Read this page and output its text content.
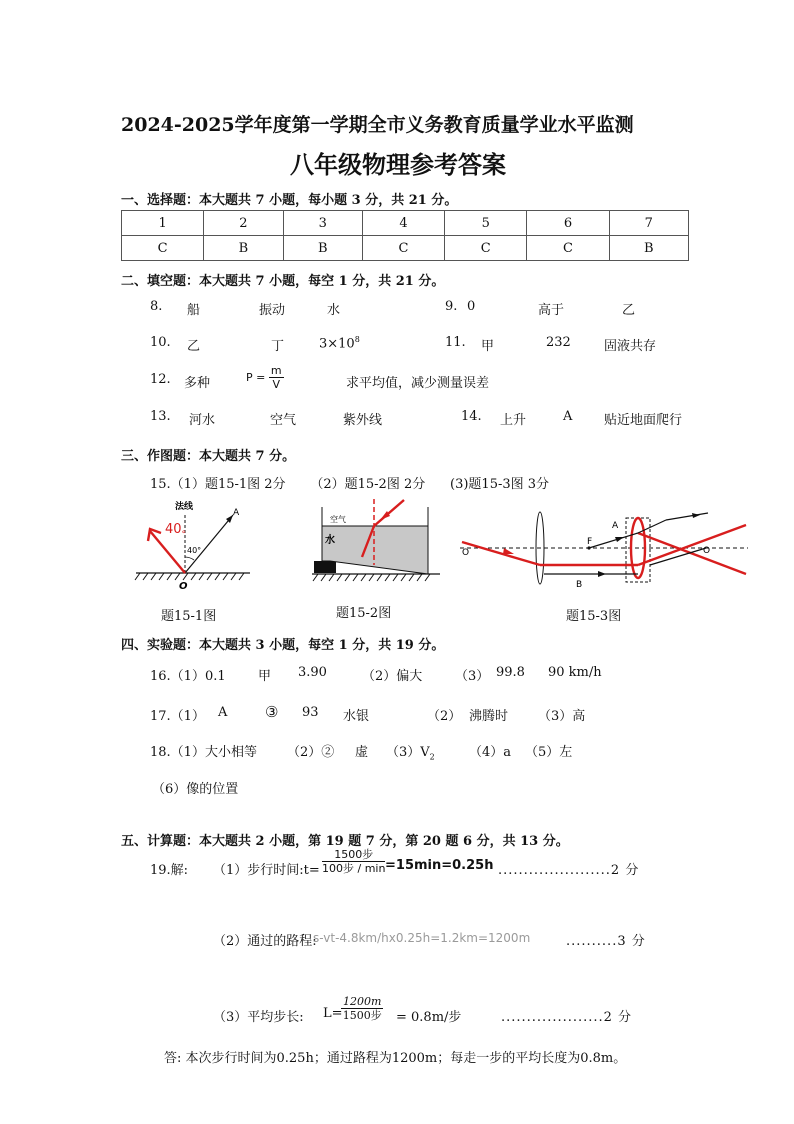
2024-2025学年度第一学期全市义务教育质量学业水平监测
八年级物理参考答案
一、选择题：本大题共 7 小题，每小题 3 分，共 21 分。
1	2	3	4	5	6	7
C	B	B	C	C	C	B
二、填空题：本大题共 7 小题，每空 1 分，共 21 分。
8. 船	振动	水	9. 0	高于	乙
10. 乙	丁	$3\times 10^8$	11. 甲	232	固液共存
12. 多种	$P = \frac{m}{V}$	求平均值，减少测量误差
13. 河水	空气	紫外线	14. 上升	A 贴近地面爬行
三、作图题：本大题共 7 分。
15.（1）题15-1图 2分      （2）题15-2图 2分      (3)题15-3图 3分
法线
A
$40^\circ$
40°
O
题15-1图
空气
水
题15-2图
O
A
F
B
O
题15-3图
四、实验题：本大题共 3 小题，每空 1 分，共 19 分。
16.（1）0.1 甲 3.90	（2）偏大	（3） 99.8 90 km/h
17.（1） A	③ 93 水银	（2） 沸腾时 （3）高
18.（1）大小相等 （2）② 虚 $(3)V_2$	（4）a （5）左
（6）像的位置
五、计算题：本大题共 2 小题，第 19 题 7 分，第 20 题 6 分，共 13 分。
19.解: （1）步行时间:t= $\frac{\text{1500步}}{\text{100步 / min}} =15\min=0.25h$ ......................2 分
（2）通过的路程:
s-vt-4.8km/hx0.25h=1.2km=1200m	..........3 分
（3）平均步长: L=
$\frac{1200m}{\text{1500步}} = 0.8m/$步	....................2 分
答: 本次步行时间为0.25h；通过路程为1200m；每走一步的平均长度为0.8m。
